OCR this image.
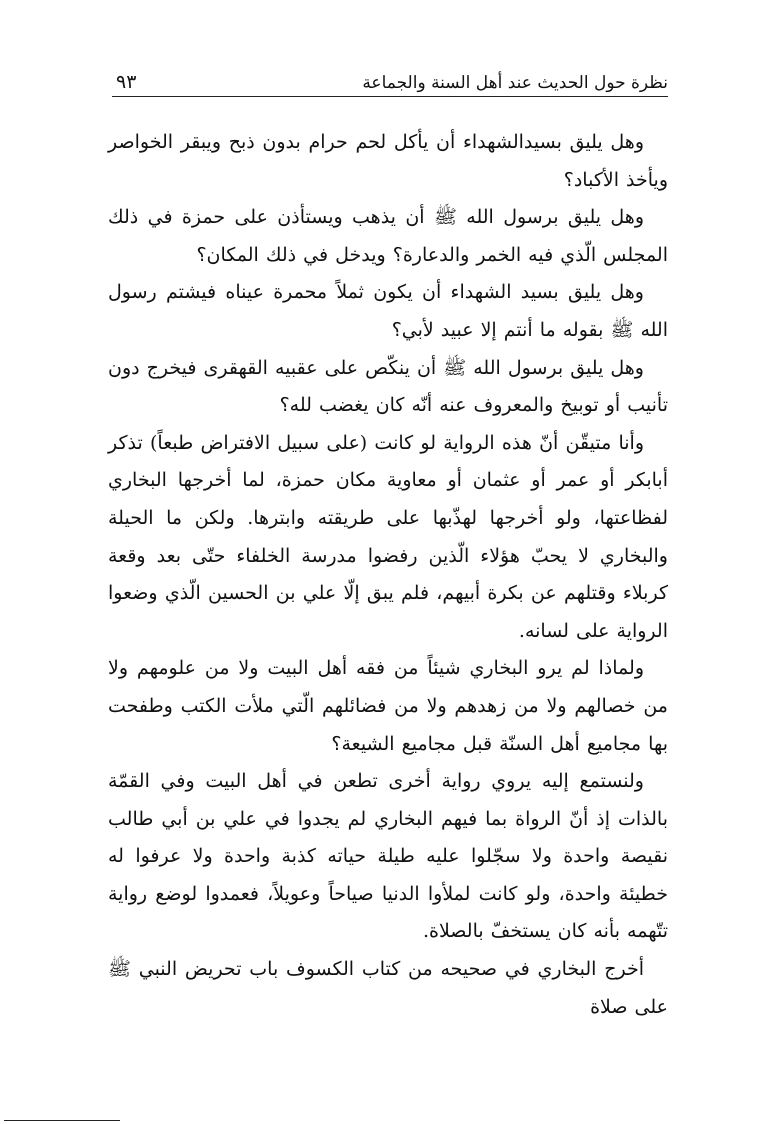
نظرة حول الحديث عند أهل السنة والجماعة
٩٣

وهل يليق بسيدالشهداء أن يأكل لحم حرام بدون ذبح ويبقر الخواصر ويأخذ الأكباد؟

وهل يليق برسول الله ﷺ أن يذهب ويستأذن على حمزة في ذلك المجلس الّذي فيه الخمر والدعارة؟ ويدخل في ذلك المكان؟

وهل يليق بسيد الشهداء أن يكون ثملاً محمرة عيناه فيشتم رسول الله ﷺ بقوله ما أنتم إلا عبيد لأبي؟

وهل يليق برسول الله ﷺ أن ينكّص على عقبيه القهقرى فيخرج دون تأنيب أو توبيخ والمعروف عنه أنّه كان يغضب لله؟

وأنا متيقّن أنّ هذه الرواية لو كانت (على سبيل الافتراض طبعاً) تذكر أبابكر أو عمر أو عثمان أو معاوية مكان حمزة، لما أخرجها البخاري لفظاعتها، ولو أخرجها لهذّبها على طريقته وابترها. ولكن ما الحيلة والبخاري لا يحبّ هؤلاء الّذين رفضوا مدرسة الخلفاء حتّى بعد وقعة كربلاء وقتلهم عن بكرة أبيهم، فلم يبق إلّا علي بن الحسين الّذي وضعوا الرواية على لسانه.

ولماذا لم يرو البخاري شيئاً من فقه أهل البيت ولا من علومهم ولا من خصالهم ولا من زهدهم ولا من فضائلهم الّتي ملأت الكتب وطفحت بها مجاميع أهل السنّة قبل مجاميع الشيعة؟

ولنستمع إليه يروي رواية أخرى تطعن في أهل البيت وفي القمّة بالذات إذ أنّ الرواة بما فيهم البخاري لم يجدوا في علي بن أبي طالب نقيصة واحدة ولا سجّلوا عليه طيلة حياته كذبة واحدة ولا عرفوا له خطيئة واحدة، ولو كانت لملأوا الدنيا صياحاً وعويلاً، فعمدوا لوضع رواية تتّهمه بأنه كان يستخفّ بالصلاة.

أخرج البخاري في صحيحه من كتاب الكسوف باب تحريض النبي ﷺ على صلاة
